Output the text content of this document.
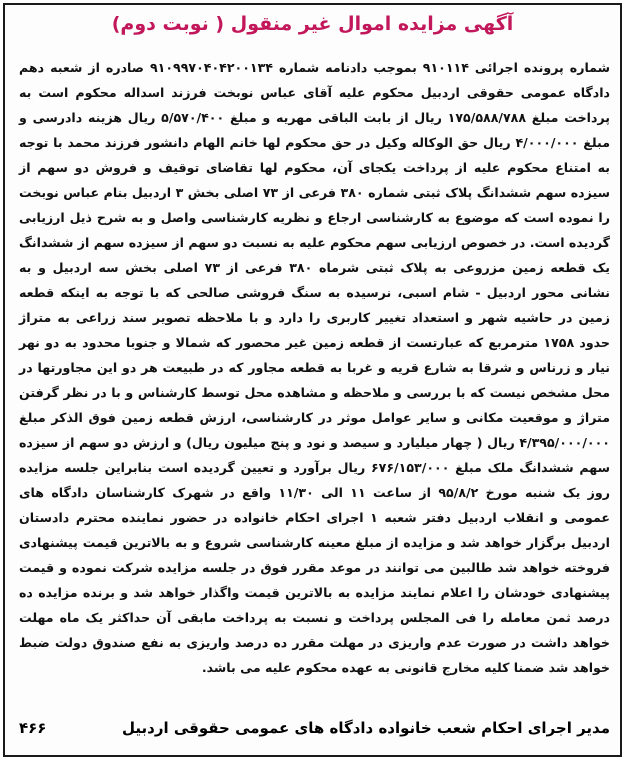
آگهی مزایده اموال غیر منقول ( نوبت دوم)
شماره پرونده اجرائی ۹۱۰۱۱۴ بموجب دادنامه شماره ۹۱۰۹۹۷۰۴۰۴۲۰۰۱۳۴ صادره از شعبه دهم دادگاه عمومی حقوقی اردبیل محکوم علیه آقای عباس نوبخت فرزند اسداله محکوم است به پرداخت مبلغ ۱۷۵/۵۸۸/۷۸۸ ریال از بابت الباقی مهریه و مبلغ ۵/۵۷۰/۴۰۰ ریال هزینه دادرسی و مبلغ ۴/۰۰۰/۰۰۰ ریال حق الوکاله وکیل در حق محکوم لها خانم الهام دانشور فرزند محمد با توجه به امتناع محکوم علیه از پرداخت یکجای آن، محکوم لها تقاضای توقیف و فروش دو سهم از سیزده سهم ششدانگ پلاک ثبتی شماره ۳۸۰ فرعی از ۷۳ اصلی بخش ۳ اردبیل بنام عباس نوبخت را نموده است که موضوع به کارشناسی ارجاع و نظریه کارشناسی واصل و به شرح ذیل ارزیابی گردیده است. در خصوص ارزیابی سهم محکوم علیه به نسبت دو سهم از سیزده سهم از ششدانگ یک قطعه زمین مزروعی به پلاک ثبتی شرماه ۳۸۰ فرعی از ۷۳ اصلی بخش سه اردبیل و به نشانی محور اردبیل - شام اسبی، نرسیده به سنگ فروشی صالحی که با توجه به اینکه قطعه زمین در حاشیه شهر و استعداد تغییر کاربری را دارد و با ملاحظه تصویر سند زراعی به متراژ حدود ۱۷۵۸ مترمربع که عبارتست از قطعه زمین غیر محصور که شمالا و جنوبا محدود به دو نهر نیار و زرناس و شرقا به شارع قریه و غربا به قطعه مجاور که در طبیعت هر دو این مجاورتها در محل مشخص نیست که با بررسی و ملاحظه و مشاهده محل توسط کارشناس و با در نظر گرفتن متراژ و موقعیت مکانی و سایر عوامل موثر در کارشناسی، ارزش قطعه زمین فوق الذکر مبلغ ۴/۳۹۵/۰۰۰/۰۰۰ ریال ( چهار میلیارد و سیصد و نود و پنج میلیون ریال) و ارزش دو سهم از سیزده سهم ششدانگ ملک مبلغ ۶۷۶/۱۵۳/۰۰۰ ریال برآورد و تعیین گردیده است بنابراین جلسه مزایده روز یک شنبه مورخ ۹۵/۸/۲ از ساعت ۱۱ الی ۱۱/۳۰ واقع در شهرک کارشناسان دادگاه های عمومی و انقلاب اردبیل دفتر شعبه ۱ اجرای احکام خانواده در حضور نماینده محترم دادستان اردبیل برگزار خواهد شد و مزایده از مبلغ معینه کارشناسی شروع و به بالاترین قیمت پیشنهادی فروخته خواهد شد طالبین می توانند در موعد مقرر فوق در جلسه مزایده شرکت نموده و قیمت پیشنهادی خودشان را اعلام نمایند مزایده به بالاترین قیمت واگذار خواهد شد و برنده مزایده ده درصد ثمن معامله را فی المجلس پرداخت و نسبت به پرداخت مابقی آن حداکثر یک ماه مهلت خواهد داشت در صورت عدم واریزی در مهلت مقرر ده درصد واریزی به نفع صندوق دولت ضبط خواهد شد ضمنا کلیه مخارج قانونی به عهده محکوم علیه می باشد.
مدیر اجرای احکام شعب خانواده دادگاه های عمومی حقوقی اردبیل
۴۶۶
